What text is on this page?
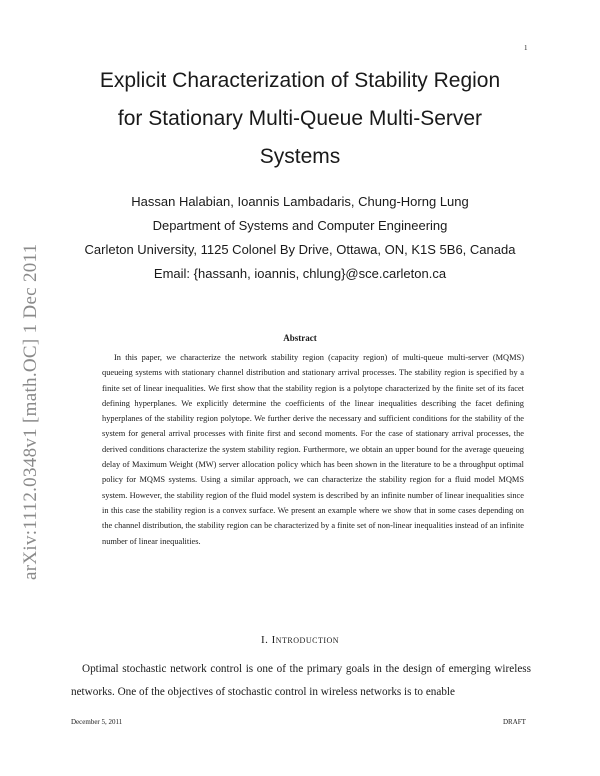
1
arXiv:1112.0348v1 [math.OC] 1 Dec 2011
Explicit Characterization of Stability Region
for Stationary Multi-Queue Multi-Server
Systems
Hassan Halabian, Ioannis Lambadaris, Chung-Horng Lung
Department of Systems and Computer Engineering
Carleton University, 1125 Colonel By Drive, Ottawa, ON, K1S 5B6, Canada
Email: {hassanh, ioannis, chlung}@sce.carleton.ca
Abstract
In this paper, we characterize the network stability region (capacity region) of multi-queue multi-server (MQMS) queueing systems with stationary channel distribution and stationary arrival processes. The stability region is specified by a finite set of linear inequalities. We first show that the stability region is a polytope characterized by the finite set of its facet defining hyperplanes. We explicitly determine the coefficients of the linear inequalities describing the facet defining hyperplanes of the stability region polytope. We further derive the necessary and sufficient conditions for the stability of the system for general arrival processes with finite first and second moments. For the case of stationary arrival processes, the derived conditions characterize the system stability region. Furthermore, we obtain an upper bound for the average queueing delay of Maximum Weight (MW) server allocation policy which has been shown in the literature to be a throughput optimal policy for MQMS systems. Using a similar approach, we can characterize the stability region for a fluid model MQMS system. However, the stability region of the fluid model system is described by an infinite number of linear inequalities since in this case the stability region is a convex surface. We present an example where we show that in some cases depending on the channel distribution, the stability region can be characterized by a finite set of non-linear inequalities instead of an infinite number of linear inequalities.
I. Introduction
Optimal stochastic network control is one of the primary goals in the design of emerging wireless networks. One of the objectives of stochastic control in wireless networks is to enable
December 5, 2011	DRAFT
